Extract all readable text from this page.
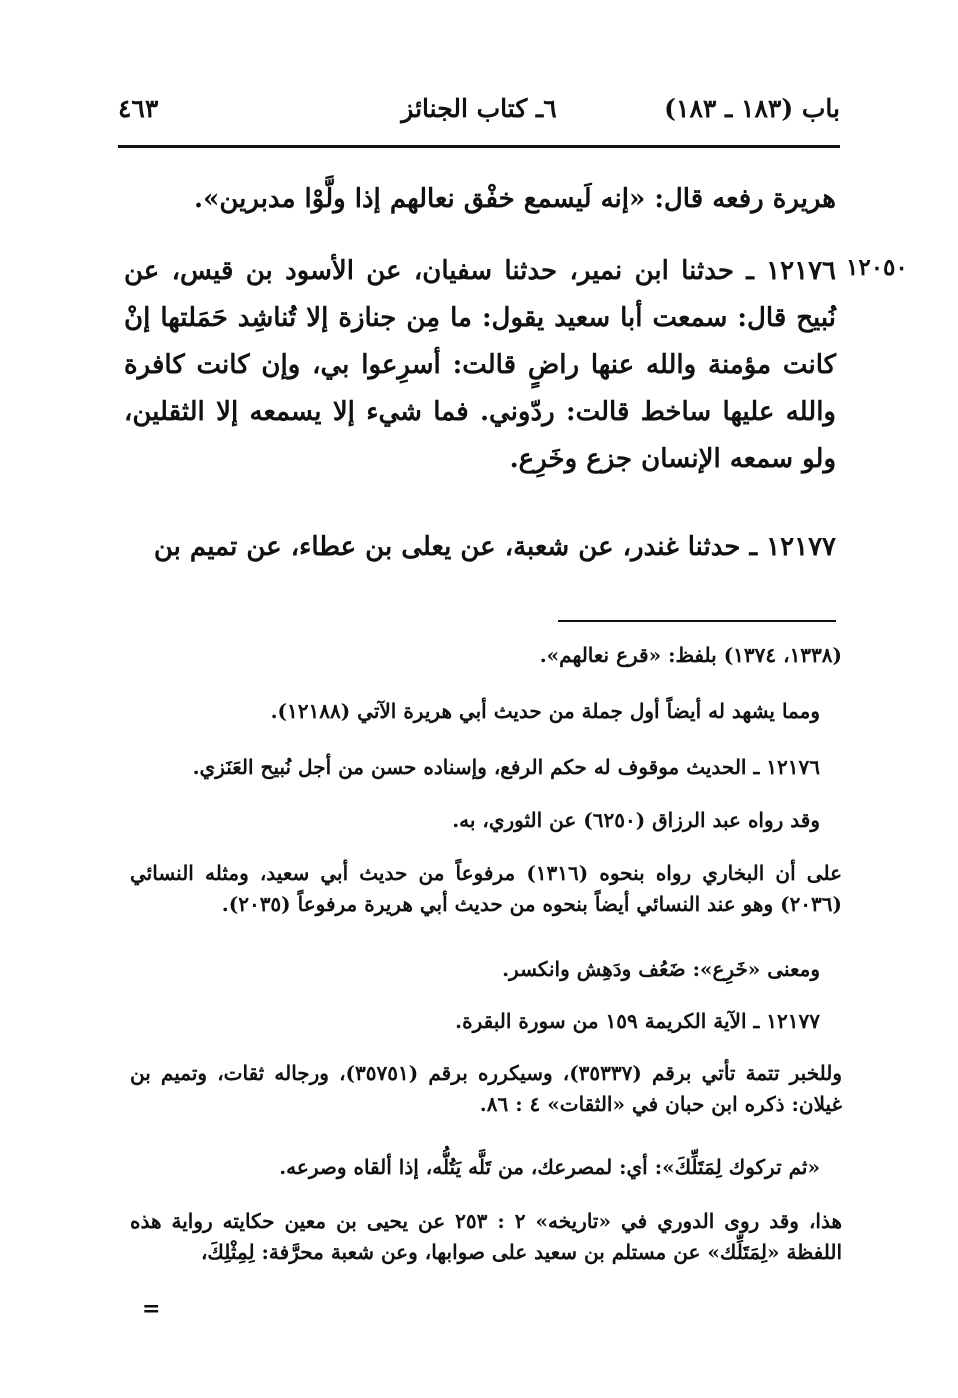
باب (١٨٣ ـ ١٨٣)
٦ـ كتاب الجنائز
٤٦٣

هريرة رفعه قال: «إنه لَيسمع خفْق نعالهم إذا ولَّوْا مدبرين».

١٢٠٥٠

١٢١٧٦ ـ حدثنا ابن نمير، حدثنا سفيان، عن الأسود بن قيس، عن نُبيح قال: سمعت أبا سعيد يقول: ما مِن جنازة إلا تُناشِد حَمَلتها إنْ كانت مؤمنة والله عنها راضٍ قالت: أسرِعوا بي، وإن كانت كافرة والله عليها ساخط قالت: ردّوني. فما شيء إلا يسمعه إلا الثقلين، ولو سمعه الإنسان جزع وخَرِع.

١٢١٧٧ ـ حدثنا غندر، عن شعبة، عن يعلى بن عطاء، عن تميم بن

(١٣٣٨، ١٣٧٤) بلفظ: «قرع نعالهم».

ومما يشهد له أيضاً أول جملة من حديث أبي هريرة الآتي (١٢١٨٨).

١٢١٧٦ ـ الحديث موقوف له حكم الرفع، وإسناده حسن من أجل نُبيح العَنَزي.

وقد رواه عبد الرزاق (٦٢٥٠) عن الثوري، به.

على أن البخاري رواه بنحوه (١٣١٦) مرفوعاً من حديث أبي سعيد، ومثله النسائي (٢٠٣٦) وهو عند النسائي أيضاً بنحوه من حديث أبي هريرة مرفوعاً (٢٠٣٥).

ومعنى «خَرِع»: ضَعُف ودَهِش وانكسر.

١٢١٧٧ ـ الآية الكريمة ١٥٩ من سورة البقرة.

وللخبر تتمة تأتي برقم (٣٥٣٣٧)، وسيكرره برقم (٣٥٧٥١)، ورجاله ثقات، وتميم بن غيلان: ذكره ابن حبان في «الثقات» ٤ : ٨٦.

«ثم تركوك لِمَتَلِّكَ»: أي: لمصرعك، من تَلَّه يَتُلُّه، إذا ألقاه وصرعه.

هذا، وقد روى الدوري في «تاريخه» ٢ : ٢٥٣ عن يحيى بن معين حكايته رواية هذه اللفظة «لِمَتَلِّك» عن مستلم بن سعيد على صوابها، وعن شعبة محرَّفة: لِمِثْلِكَ،

=
